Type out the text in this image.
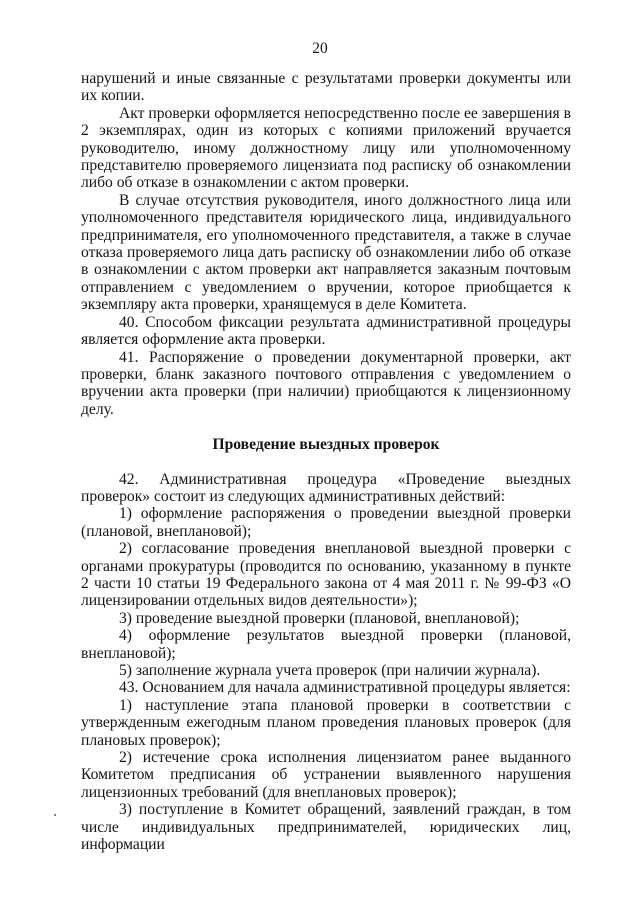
20

нарушений и иные связанные с результатами проверки документы или их копии.

Акт проверки оформляется непосредственно после ее завершения в 2 экземплярах, один из которых с копиями приложений вручается руководителю, иному должностному лицу или уполномоченному представителю проверяемого лицензиата под расписку об ознакомлении либо об отказе в ознакомлении с актом проверки.

В случае отсутствия руководителя, иного должностного лица или уполномоченного представителя юридического лица, индивидуального предпринимателя, его уполномоченного представителя, а также в случае отказа проверяемого лица дать расписку об ознакомлении либо об отказе в ознакомлении с актом проверки акт направляется заказным почтовым отправлением с уведомлением о вручении, которое приобщается к экземпляру акта проверки, хранящемуся в деле Комитета.

40. Способом фиксации результата административной процедуры является оформление акта проверки.

41. Распоряжение о проведении документарной проверки, акт проверки, бланк заказного почтового отправления с уведомлением о вручении акта проверки (при наличии) приобщаются к лицензионному делу.

Проведение выездных проверок

42. Административная процедура «Проведение выездных проверок» состоит из следующих административных действий:

1) оформление распоряжения о проведении выездной проверки (плановой, внеплановой);

2) согласование проведения внеплановой выездной проверки с органами прокуратуры (проводится по основанию, указанному в пункте 2 части 10 статьи 19 Федерального закона от 4 мая 2011 г. № 99-ФЗ «О лицензировании отдельных видов деятельности»);

3) проведение выездной проверки (плановой, внеплановой);

4) оформление результатов выездной проверки (плановой, внеплановой);

5) заполнение журнала учета проверок (при наличии журнала).

43. Основанием для начала административной процедуры является:

1) наступление этапа плановой проверки в соответствии с утвержденным ежегодным планом проведения плановых проверок (для плановых проверок);

2) истечение срока исполнения лицензиатом ранее выданного Комитетом предписания об устранении выявленного нарушения лицензионных требований (для внеплановых проверок);

3) поступление в Комитет обращений, заявлений граждан, в том числе индивидуальных предпринимателей, юридических лиц, информации
